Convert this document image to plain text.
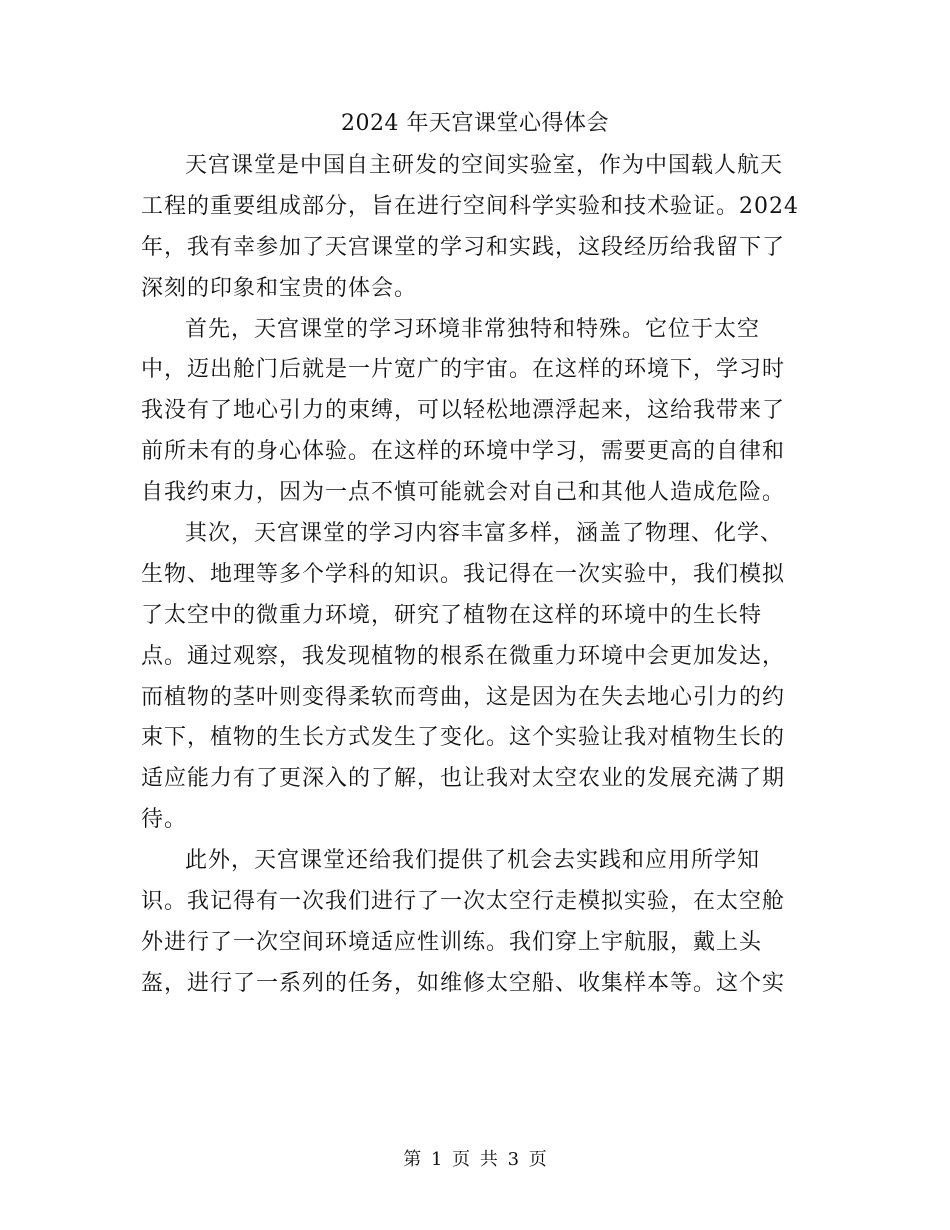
2024 年天宫课堂心得体会
天宫课堂是中国自主研发的空间实验室，作为中国载人航天
工程的重要组成部分，旨在进行空间科学实验和技术验证。2024
年，我有幸参加了天宫课堂的学习和实践，这段经历给我留下了
深刻的印象和宝贵的体会。
首先，天宫课堂的学习环境非常独特和特殊。它位于太空
中，迈出舱门后就是一片宽广的宇宙。在这样的环境下，学习时
我没有了地心引力的束缚，可以轻松地漂浮起来，这给我带来了
前所未有的身心体验。在这样的环境中学习，需要更高的自律和
自我约束力，因为一点不慎可能就会对自己和其他人造成危险。
其次，天宫课堂的学习内容丰富多样，涵盖了物理、化学、
生物、地理等多个学科的知识。我记得在一次实验中，我们模拟
了太空中的微重力环境，研究了植物在这样的环境中的生长特
点。通过观察，我发现植物的根系在微重力环境中会更加发达，
而植物的茎叶则变得柔软而弯曲，这是因为在失去地心引力的约
束下，植物的生长方式发生了变化。这个实验让我对植物生长的
适应能力有了更深入的了解，也让我对太空农业的发展充满了期
待。
此外，天宫课堂还给我们提供了机会去实践和应用所学知
识。我记得有一次我们进行了一次太空行走模拟实验，在太空舱
外进行了一次空间环境适应性训练。我们穿上宇航服，戴上头
盔，进行了一系列的任务，如维修太空船、收集样本等。这个实
第 1 页 共 3 页
